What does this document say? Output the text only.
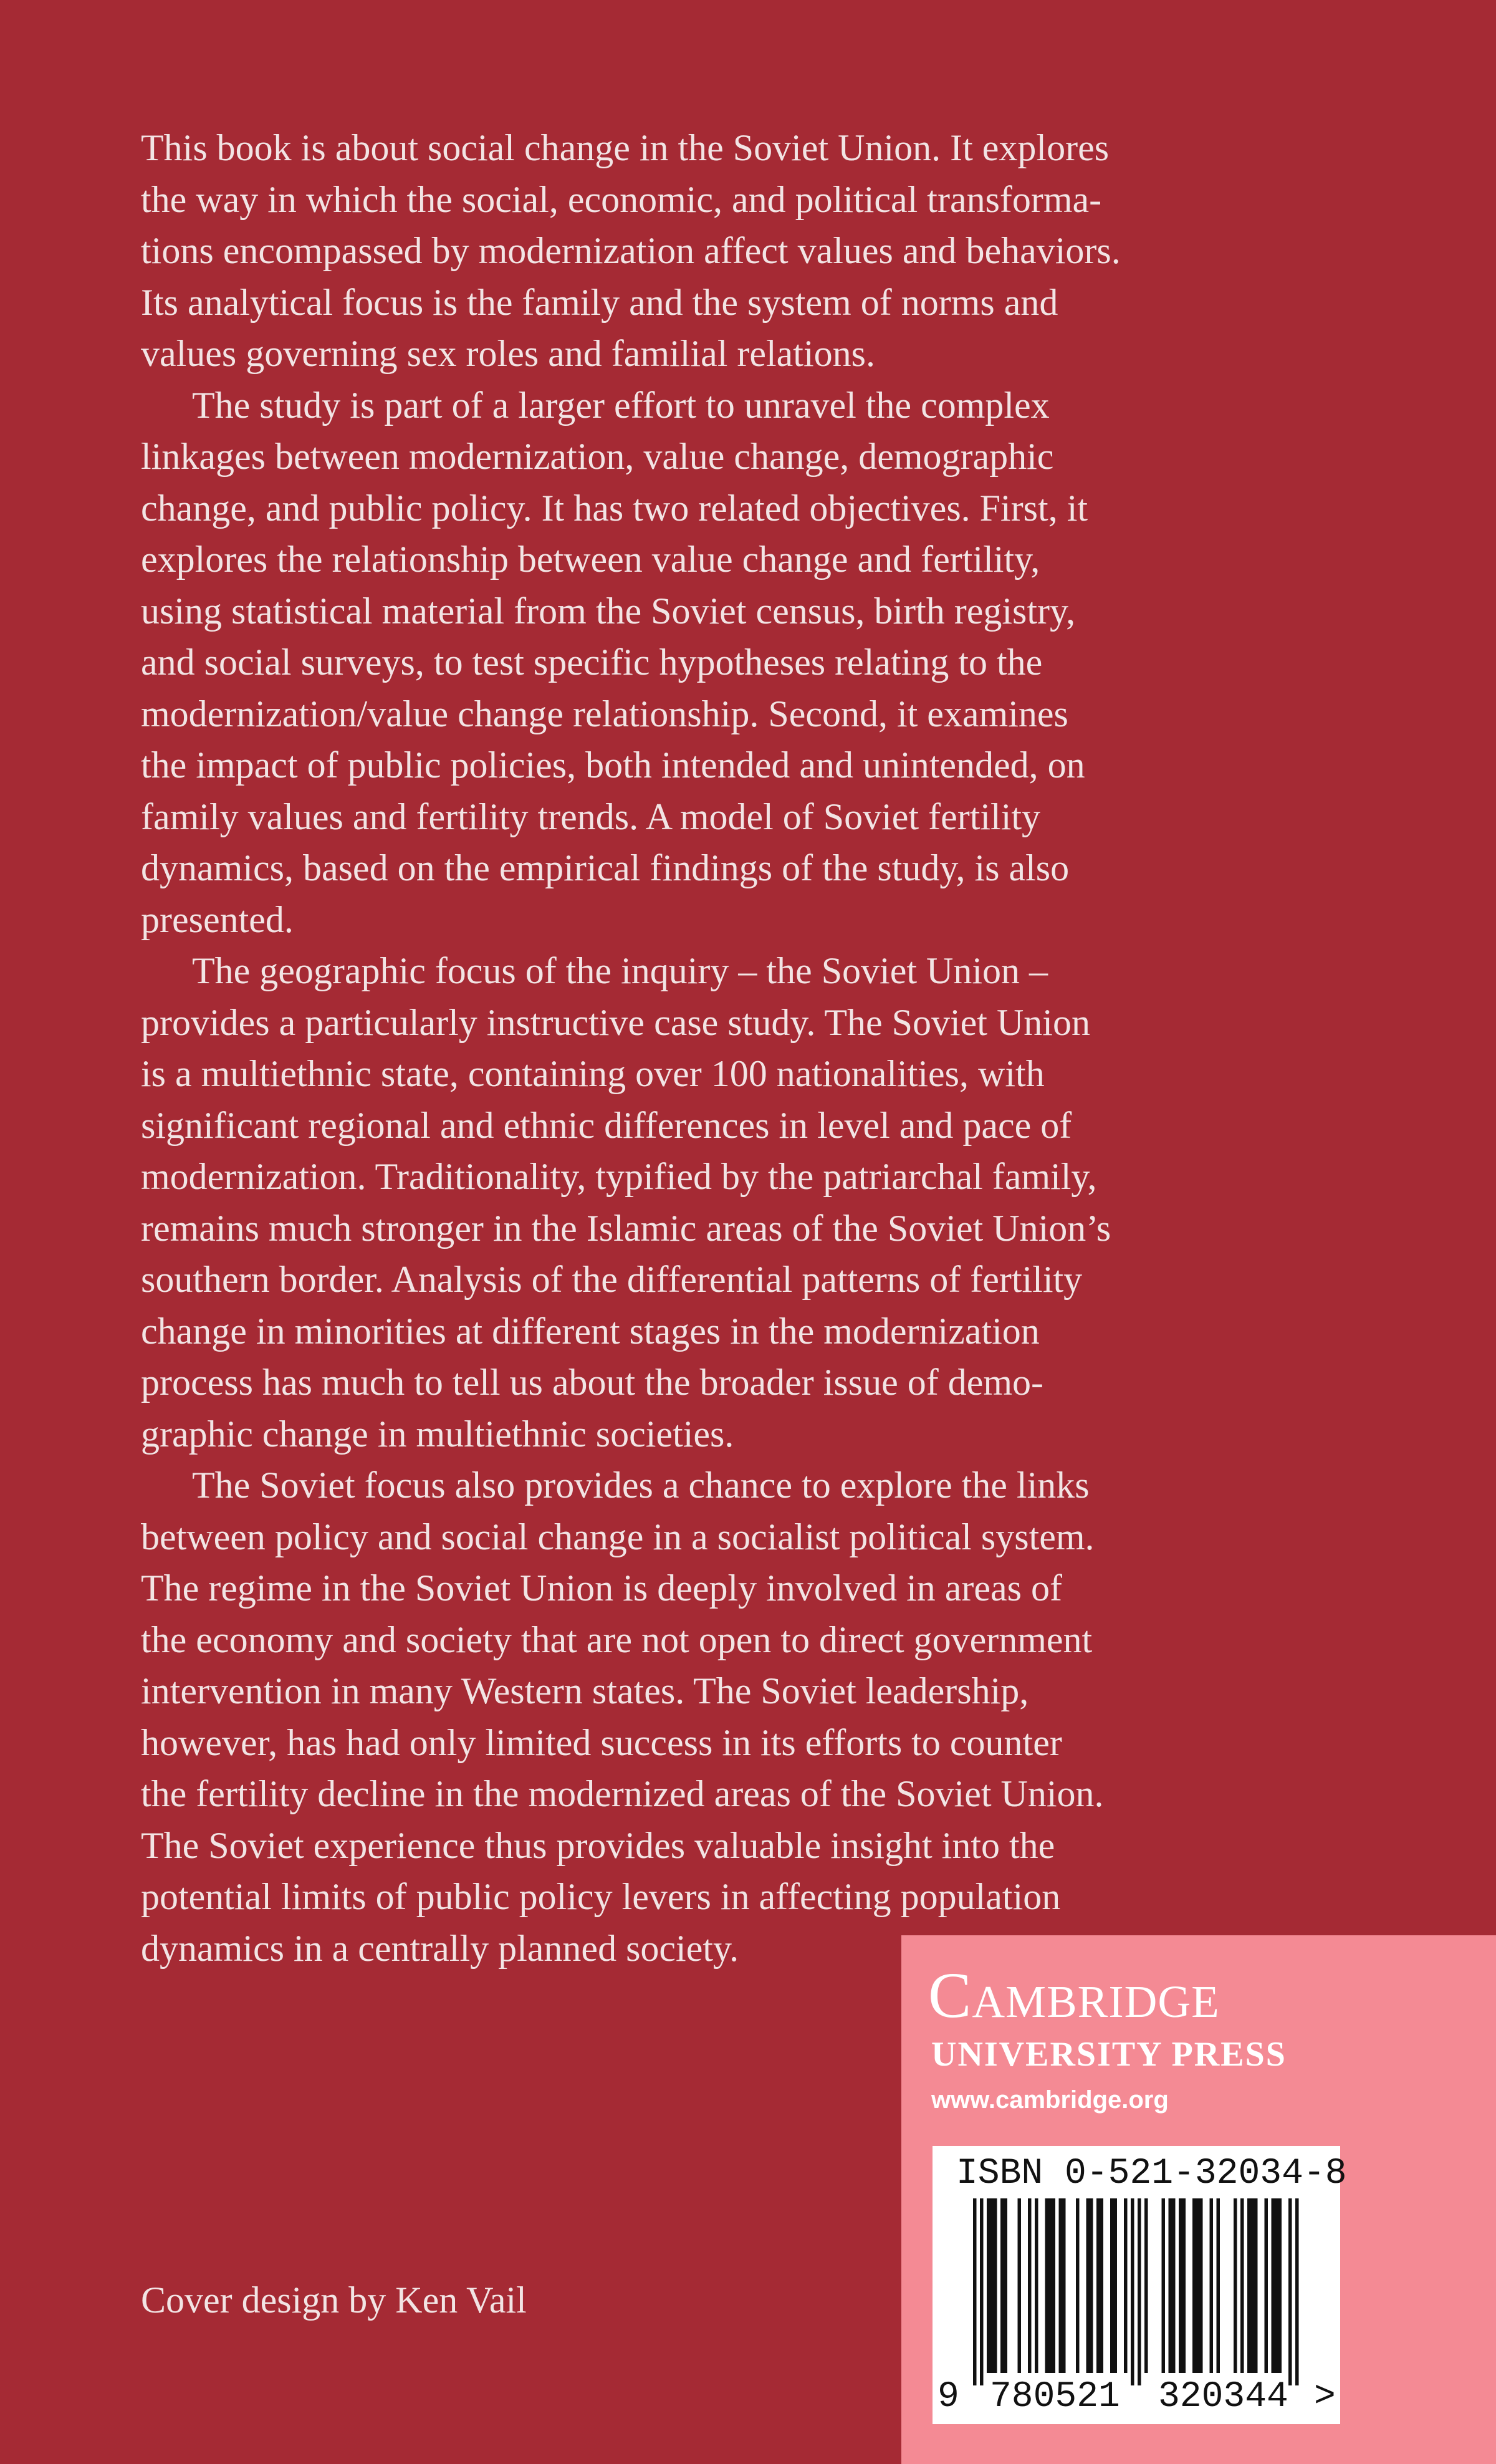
This book is about social change in the Soviet Union. It explores
the way in which the social, economic, and political transforma-
tions encompassed by modernization affect values and behaviors.
Its analytical focus is the family and the system of norms and
values governing sex roles and familial relations.

The study is part of a larger effort to unravel the complex
linkages between modernization, value change, demographic
change, and public policy. It has two related objectives. First, it
explores the relationship between value change and fertility,
using statistical material from the Soviet census, birth registry,
and social surveys, to test specific hypotheses relating to the
modernization/value change relationship. Second, it examines
the impact of public policies, both intended and unintended, on
family values and fertility trends. A model of Soviet fertility
dynamics, based on the empirical findings of the study, is also
presented.

The geographic focus of the inquiry – the Soviet Union –
provides a particularly instructive case study. The Soviet Union
is a multiethnic state, containing over 100 nationalities, with
significant regional and ethnic differences in level and pace of
modernization. Traditionality, typified by the patriarchal family,
remains much stronger in the Islamic areas of the Soviet Union’s
southern border. Analysis of the differential patterns of fertility
change in minorities at different stages in the modernization
process has much to tell us about the broader issue of demo-
graphic change in multiethnic societies.

The Soviet focus also provides a chance to explore the links
between policy and social change in a socialist political system.
The regime in the Soviet Union is deeply involved in areas of
the economy and society that are not open to direct government
intervention in many Western states. The Soviet leadership,
however, has had only limited success in its efforts to counter
the fertility decline in the modernized areas of the Soviet Union.
The Soviet experience thus provides valuable insight into the
potential limits of public policy levers in affecting population
dynamics in a centrally planned society.

Cover design by Ken Vail
Cambridge
UNIVERSITY PRESS
www.cambridge.org
ISBN 0-521-32034-8
9 780521 320344 >
